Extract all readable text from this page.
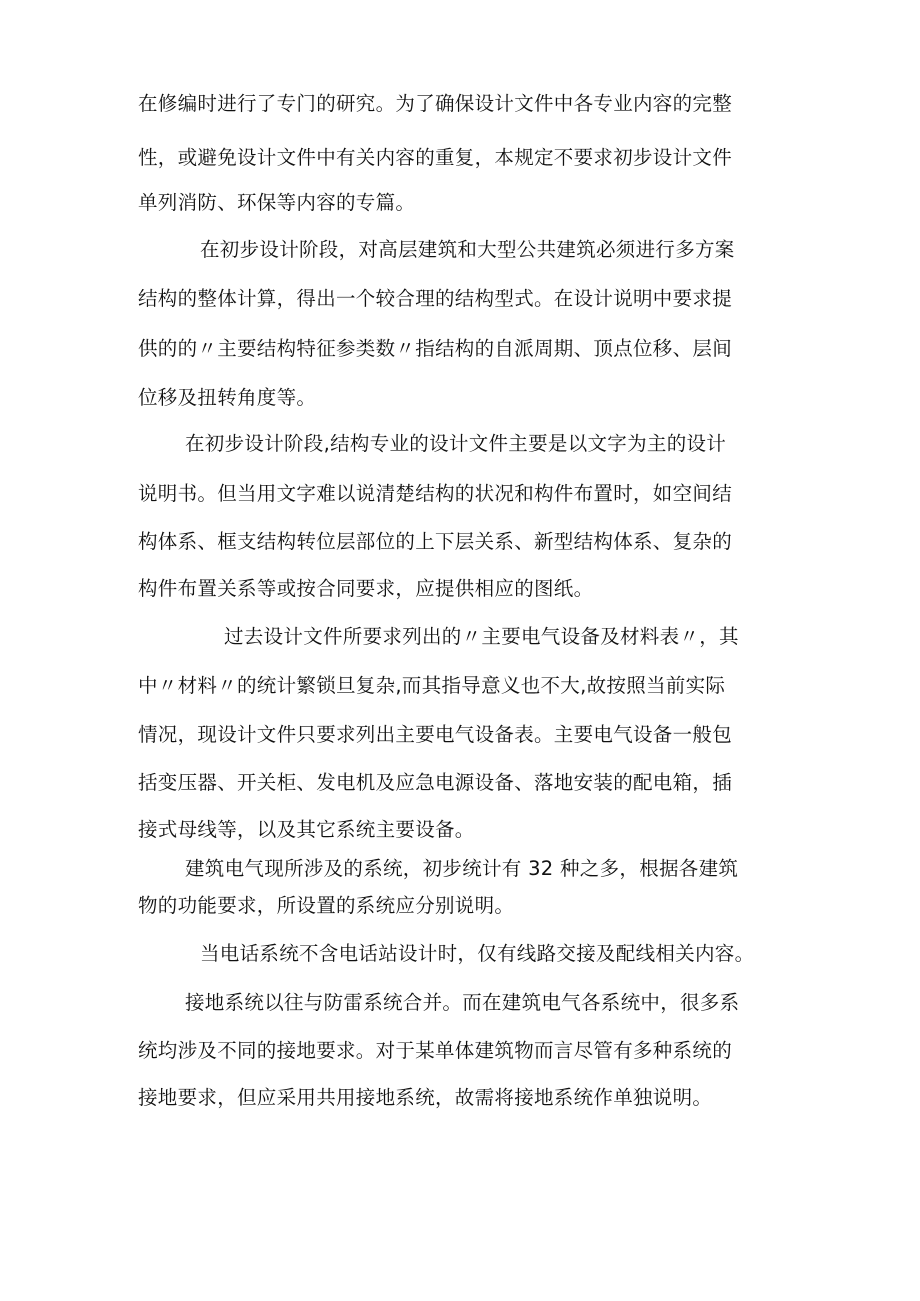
在修编时进行了专门的研究。为了确保设计文件中各专业内容的完整
性，或避免设计文件中有关内容的重复，本规定不要求初步设计文件
单列消防、环保等内容的专篇。
在初步设计阶段，对高层建筑和大型公共建筑必须进行多方案
结构的整体计算，得出一个较合理的结构型式。在设计说明中要求提
供的的〃主要结构特征参类数〃指结构的自派周期、顶点位移、层间
位移及扭转角度等。
在初步设计阶段,结构专业的设计文件主要是以文字为主的设计
说明书。但当用文字难以说清楚结构的状况和构件布置时，如空间结
构体系、框支结构转位层部位的上下层关系、新型结构体系、复杂的
构件布置关系等或按合同要求，应提供相应的图纸。
过去设计文件所要求列出的〃主要电气设备及材料表〃，其
中〃材料〃的统计繁锁旦复杂,而其指导意义也不大,故按照当前实际
情况，现设计文件只要求列出主要电气设备表。主要电气设备一般包
括变压器、开关柜、发电机及应急电源设备、落地安装的配电箱，插
接式母线等，以及其它系统主要设备。
建筑电气现所涉及的系统，初步统计有 32 种之多，根据各建筑
物的功能要求，所设置的系统应分别说明。
当电话系统不含电话站设计时，仅有线路交接及配线相关内容。
接地系统以往与防雷系统合并。而在建筑电气各系统中，很多系
统均涉及不同的接地要求。对于某单体建筑物而言尽管有多种系统的
接地要求，但应采用共用接地系统，故需将接地系统作单独说明。
